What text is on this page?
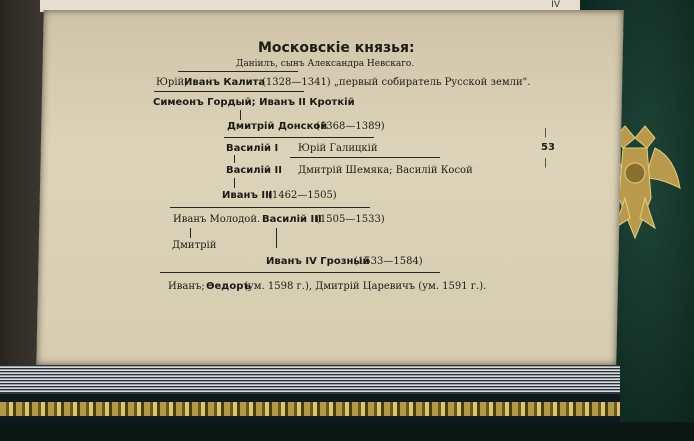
IV
Московскіе князья:
Даніилъ, сынъ Александра Невскаго.
Юрій;
Иванъ Калита
(1328—1341) „первый собиратель Русской земли".
Симеонъ Гордый; Иванъ II Кроткій
Дмитрій Донской
(1368—1389)
Василій I Юрій Галицкій
Василій II Дмитрій Шемяка; Василій Косой
Иванъ III
(1462—1505)
Иванъ Молодой. Василій III
(1505—1533)
Дмитрій
Иванъ IV Грозный
(1533—1584)
Иванъ; Ѳедоръ
(ум. 1598 г.), Дмитрій Царевичъ (ум. 1591 г.).
|
53
|
